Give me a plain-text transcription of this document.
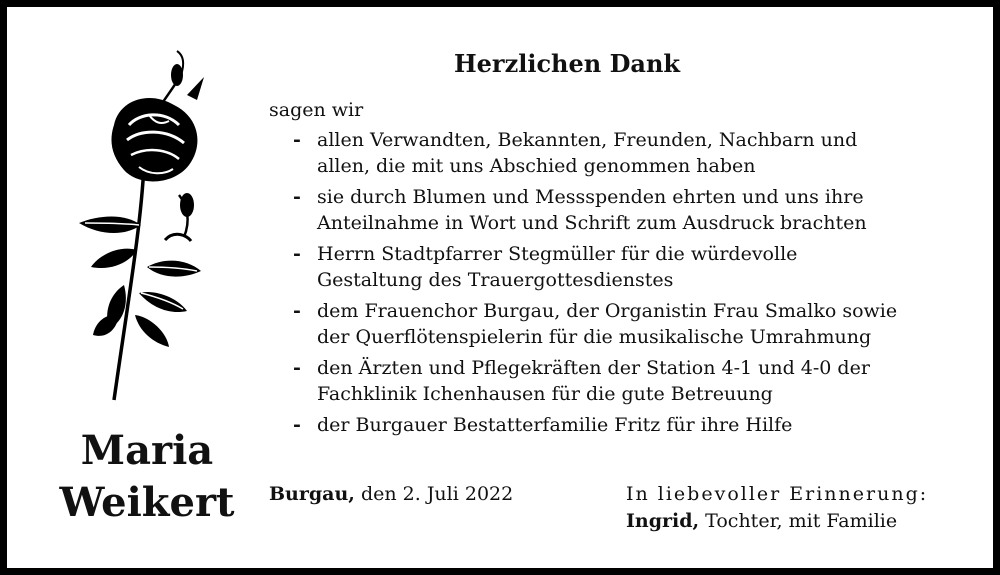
Maria
Weikert
Herzlichen Dank
sagen wir
- allen Verwandten, Bekannten, Freunden, Nachbarn und
allen, die mit uns Abschied genommen haben
- sie durch Blumen und Messspenden ehrten und uns ihre
Anteilnahme in Wort und Schrift zum Ausdruck brachten
- Herrn Stadtpfarrer Stegmüller für die würdevolle
Gestaltung des Trauergottesdienstes
- dem Frauenchor Burgau, der Organistin Frau Smalko sowie
der Querflötenspielerin für die musikalische Umrahmung
- den Ärzten und Pflegekräften der Station 4-1 und 4-0 der
Fachklinik Ichenhausen für die gute Betreuung
- der Burgauer Bestatterfamilie Fritz für ihre Hilfe
Burgau, den 2. Juli 2022	In liebevoller Erinnerung:
Ingrid, Tochter, mit Familie
